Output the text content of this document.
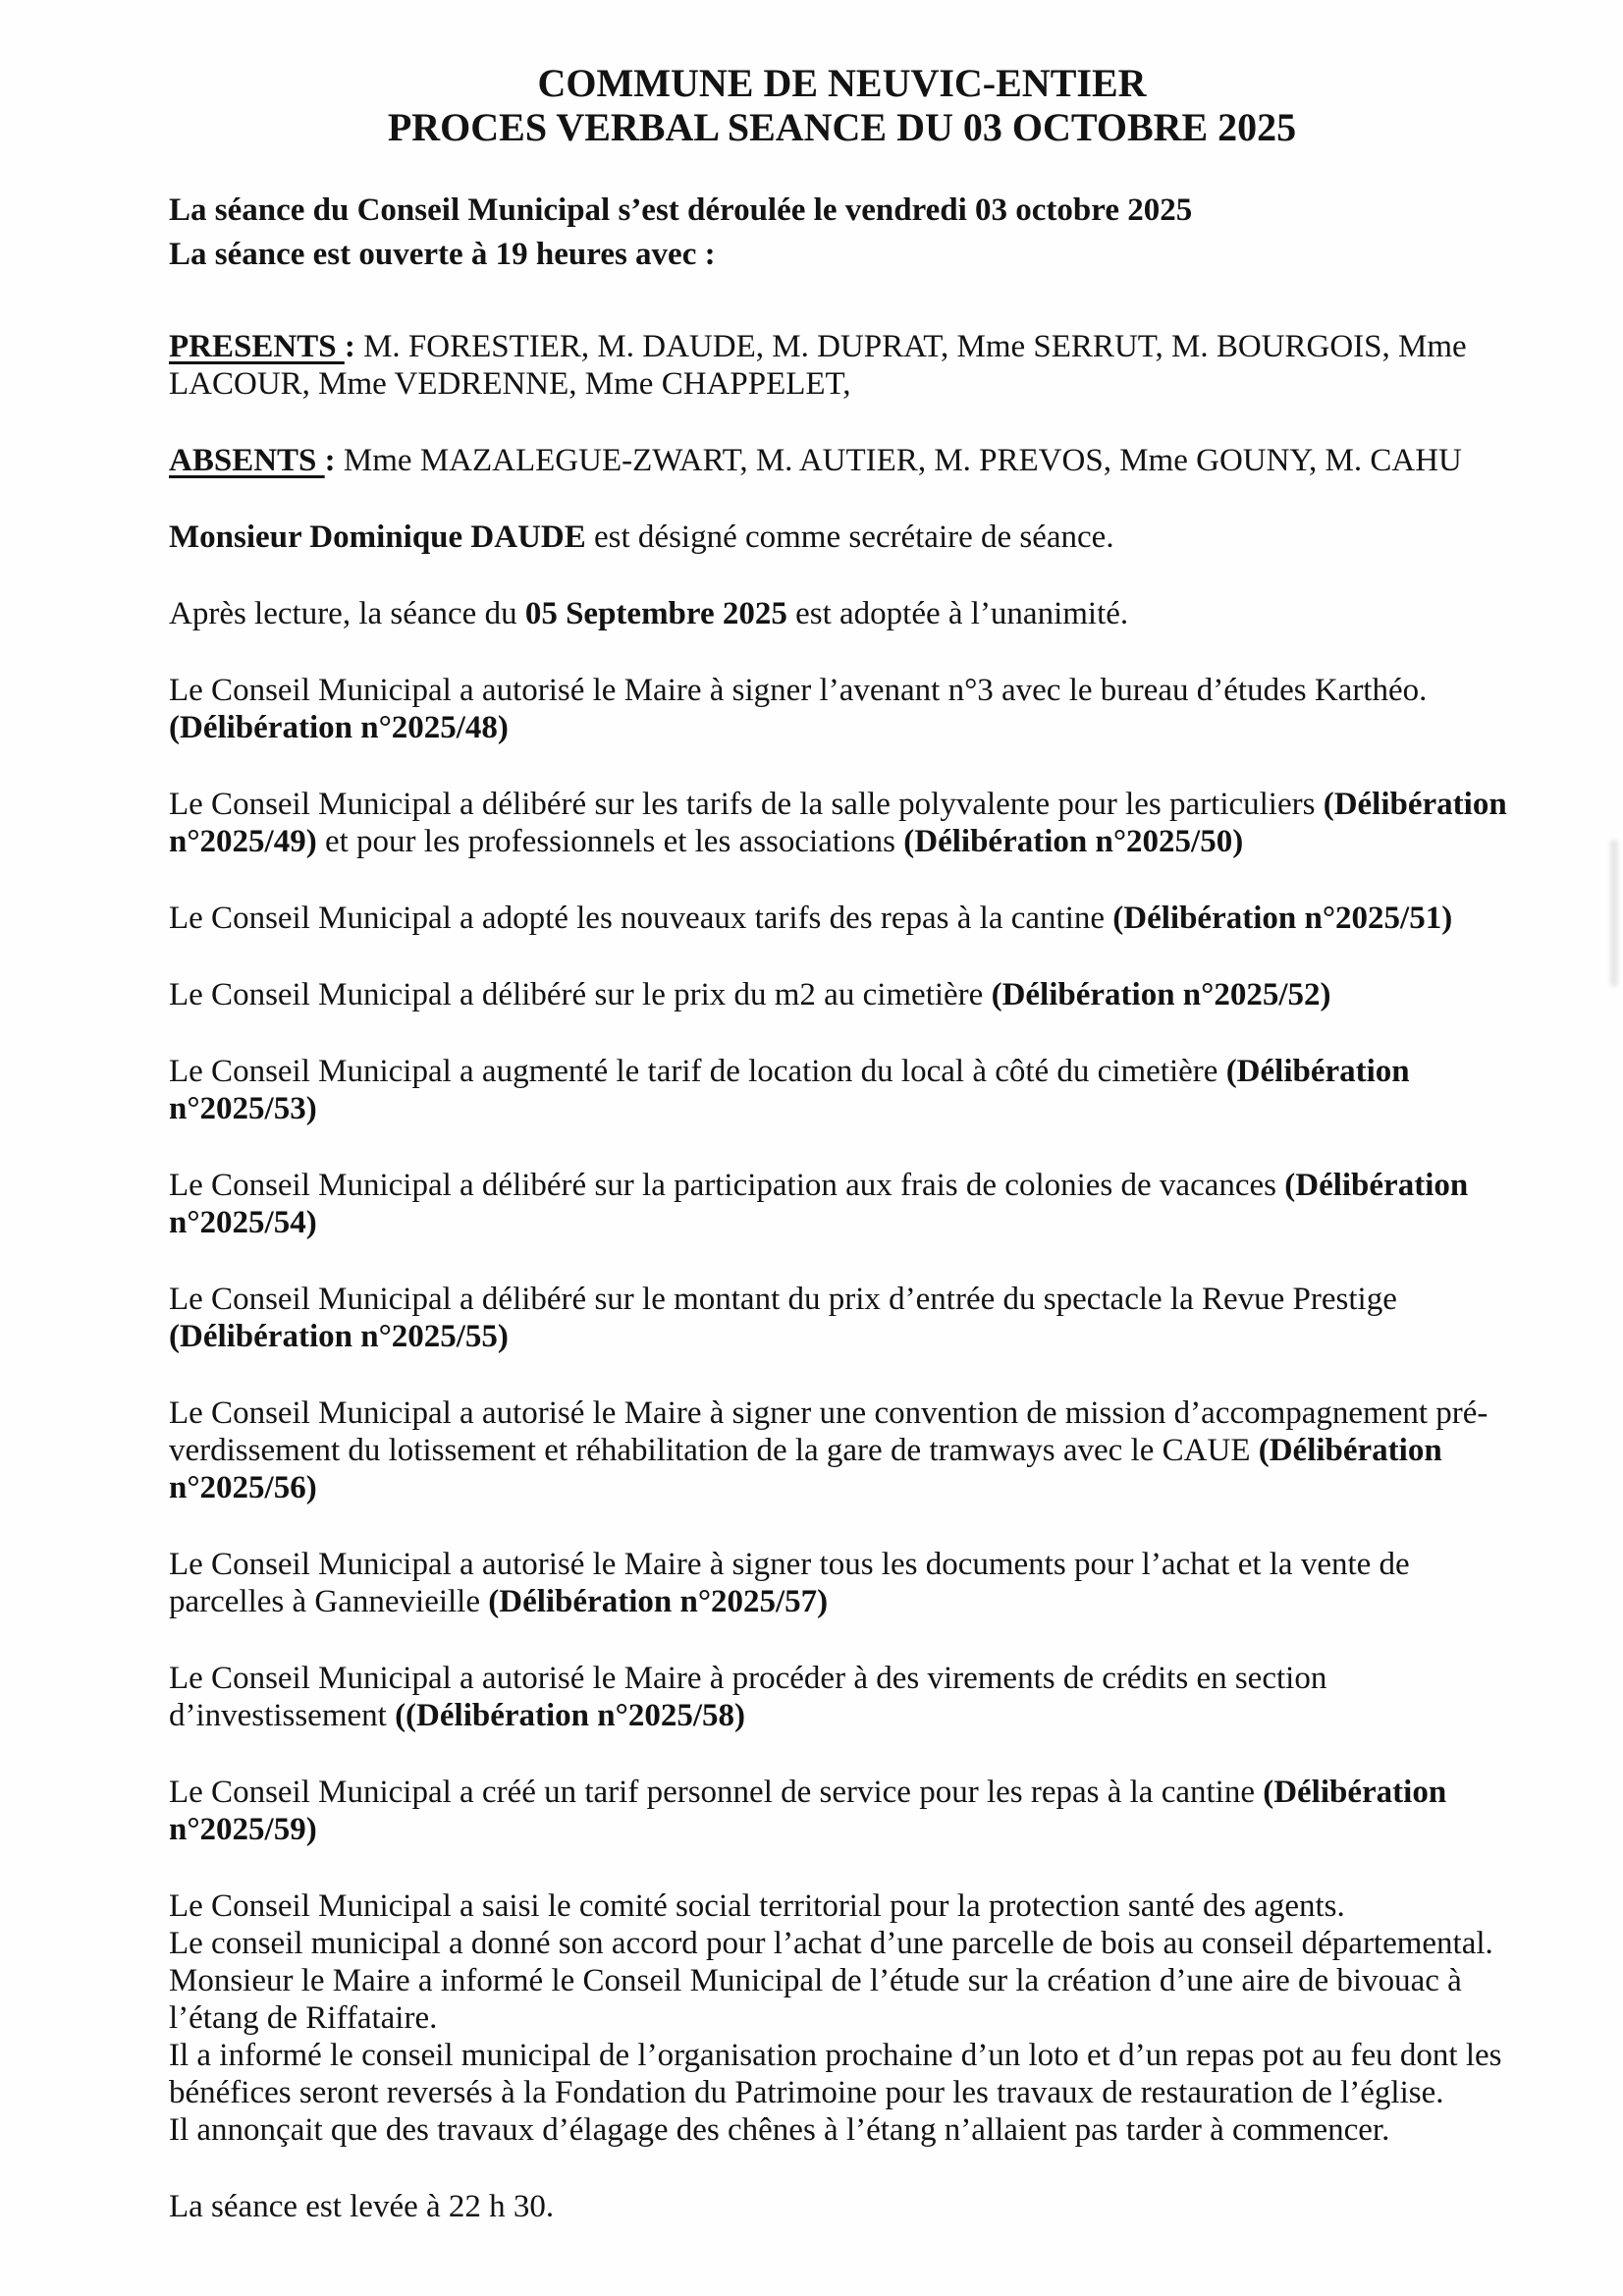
COMMUNE DE NEUVIC-ENTIER
PROCES VERBAL SEANCE DU 03 OCTOBRE 2025
La séance du Conseil Municipal s’est déroulée le vendredi 03 octobre 2025
La séance est ouverte à 19 heures avec :

PRESENTS : M. FORESTIER, M. DAUDE, M. DUPRAT, Mme SERRUT, M. BOURGOIS, Mme LACOUR, Mme VEDRENNE, Mme CHAPPELET,

ABSENTS : Mme MAZALEGUE-ZWART, M. AUTIER, M. PREVOS, Mme GOUNY, M. CAHU

Monsieur Dominique DAUDE est désigné comme secrétaire de séance.

Après lecture, la séance du 05 Septembre 2025 est adoptée à l’unanimité.

Le Conseil Municipal a autorisé le Maire à signer l’avenant n°3 avec le bureau d’études Karthéo. (Délibération n°2025/48)

Le Conseil Municipal a délibéré sur les tarifs de la salle polyvalente pour les particuliers (Délibération n°2025/49) et pour les professionnels et les associations (Délibération n°2025/50)

Le Conseil Municipal a adopté les nouveaux tarifs des repas à la cantine (Délibération n°2025/51)

Le Conseil Municipal a délibéré sur le prix du m2 au cimetière (Délibération n°2025/52)

Le Conseil Municipal a augmenté le tarif de location du local à côté du cimetière (Délibération n°2025/53)

Le Conseil Municipal a délibéré sur la participation aux frais de colonies de vacances (Délibération n°2025/54)

Le Conseil Municipal a délibéré sur le montant du prix d’entrée du spectacle la Revue Prestige (Délibération n°2025/55)

Le Conseil Municipal a autorisé le Maire à signer une convention de mission d’accompagnement pré-verdissement du lotissement et réhabilitation de la gare de tramways avec le CAUE (Délibération n°2025/56)

Le Conseil Municipal a autorisé le Maire à signer tous les documents pour l’achat et la vente de parcelles à Gannevieille (Délibération n°2025/57)

Le Conseil Municipal a autorisé le Maire à procéder à des virements de crédits en section d’investissement ((Délibération n°2025/58)

Le Conseil Municipal a créé un tarif personnel de service pour les repas à la cantine (Délibération n°2025/59)

Le Conseil Municipal a saisi le comité social territorial pour la protection santé des agents.

Le conseil municipal a donné son accord pour l’achat d’une parcelle de bois au conseil départemental.

Monsieur le Maire a informé le Conseil Municipal de l’étude sur la création d’une aire de bivouac à l’étang de Riffataire.

Il a informé le conseil municipal de l’organisation prochaine d’un loto et d’un repas pot au feu dont les bénéfices seront reversés à la Fondation du Patrimoine pour les travaux de restauration de l’église.

Il annonçait que des travaux d’élagage des chênes à l’étang n’allaient pas tarder à commencer.

La séance est levée à 22 h 30.
